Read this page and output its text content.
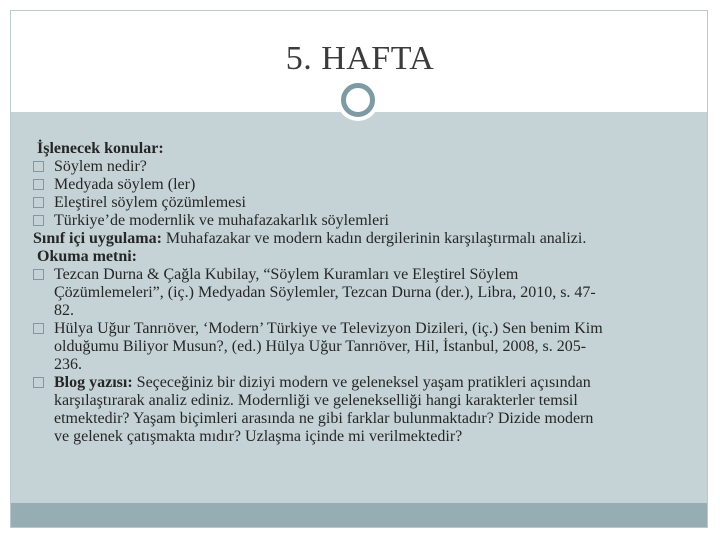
5. HAFTA
İşlenecek konular:
Söylem nedir?
Medyada söylem (ler)
Eleştirel söylem çözümlemesi
Türkiye’de modernlik ve muhafazakarlık söylemleri
Sınıf içi uygulama: Muhafazakar ve modern kadın dergilerinin karşılaştırmalı analizi.
Okuma metni:
Tezcan Durna & Çağla Kubilay, “Söylem Kuramları ve Eleştirel Söylem
Çözümlemeleri”, (iç.) Medyadan Söylemler, Tezcan Durna (der.), Libra, 2010, s. 47-
82.
Hülya Uğur Tanrıöver, ‘Modern’ Türkiye ve Televizyon Dizileri, (iç.) Sen benim Kim
olduğumu Biliyor Musun?, (ed.) Hülya Uğur Tanrıöver, Hil, İstanbul, 2008, s. 205-
236.
Blog yazısı: Seçeceğiniz bir diziyi modern ve geleneksel yaşam pratikleri açısından
karşılaştırarak analiz ediniz. Modernliği ve gelenekselliği hangi karakterler temsil
etmektedir? Yaşam biçimleri arasında ne gibi farklar bulunmaktadır? Dizide modern
ve gelenek çatışmakta mıdır? Uzlaşma içinde mi verilmektedir?
